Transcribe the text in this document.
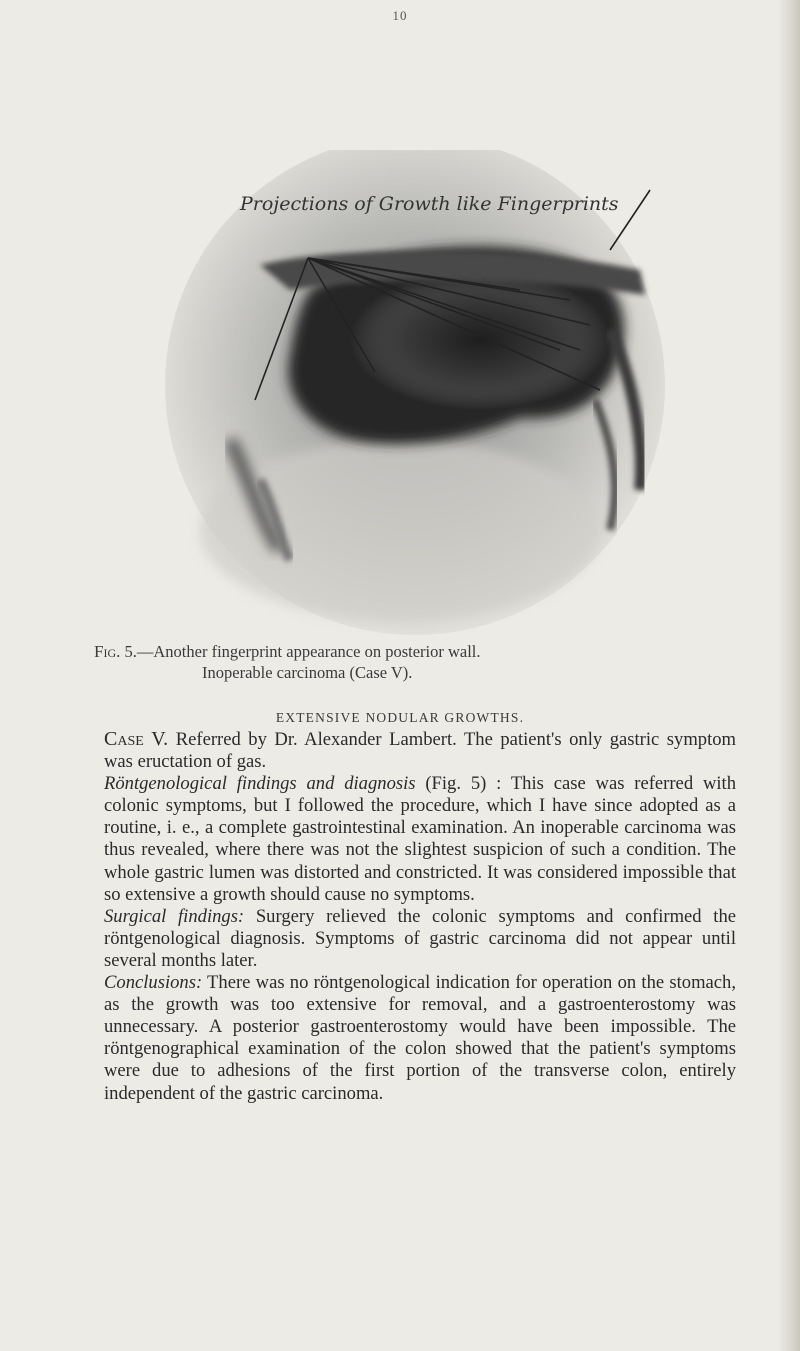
10
Projections of Growth like Fingerprints
Fig. 5.—Another fingerprint appearance on posterior wall.
Inoperable carcinoma (Case V).
EXTENSIVE NODULAR GROWTHS.

Case V. Referred by Dr. Alexander Lambert. The patient's only gastric symptom was eructation of gas.

Röntgenological findings and diagnosis (Fig. 5) : This case was referred with colonic symptoms, but I followed the procedure, which I have since adopted as a routine, i. e., a complete gastrointestinal examination. An inoperable carcinoma was thus revealed, where there was not the slightest suspicion of such a condition. The whole gastric lumen was distorted and constricted. It was considered impossible that so extensive a growth should cause no symptoms.

Surgical findings: Surgery relieved the colonic symptoms and confirmed the röntgenological diagnosis. Symptoms of gastric carcinoma did not appear until several months later.

Conclusions: There was no röntgenological indication for operation on the stomach, as the growth was too extensive for removal, and a gastroenterostomy was unnecessary. A posterior gastroenterostomy would have been impossible. The röntgenographical examination of the colon showed that the patient's symptoms were due to adhesions of the first portion of the transverse colon, entirely independent of the gastric carcinoma.
